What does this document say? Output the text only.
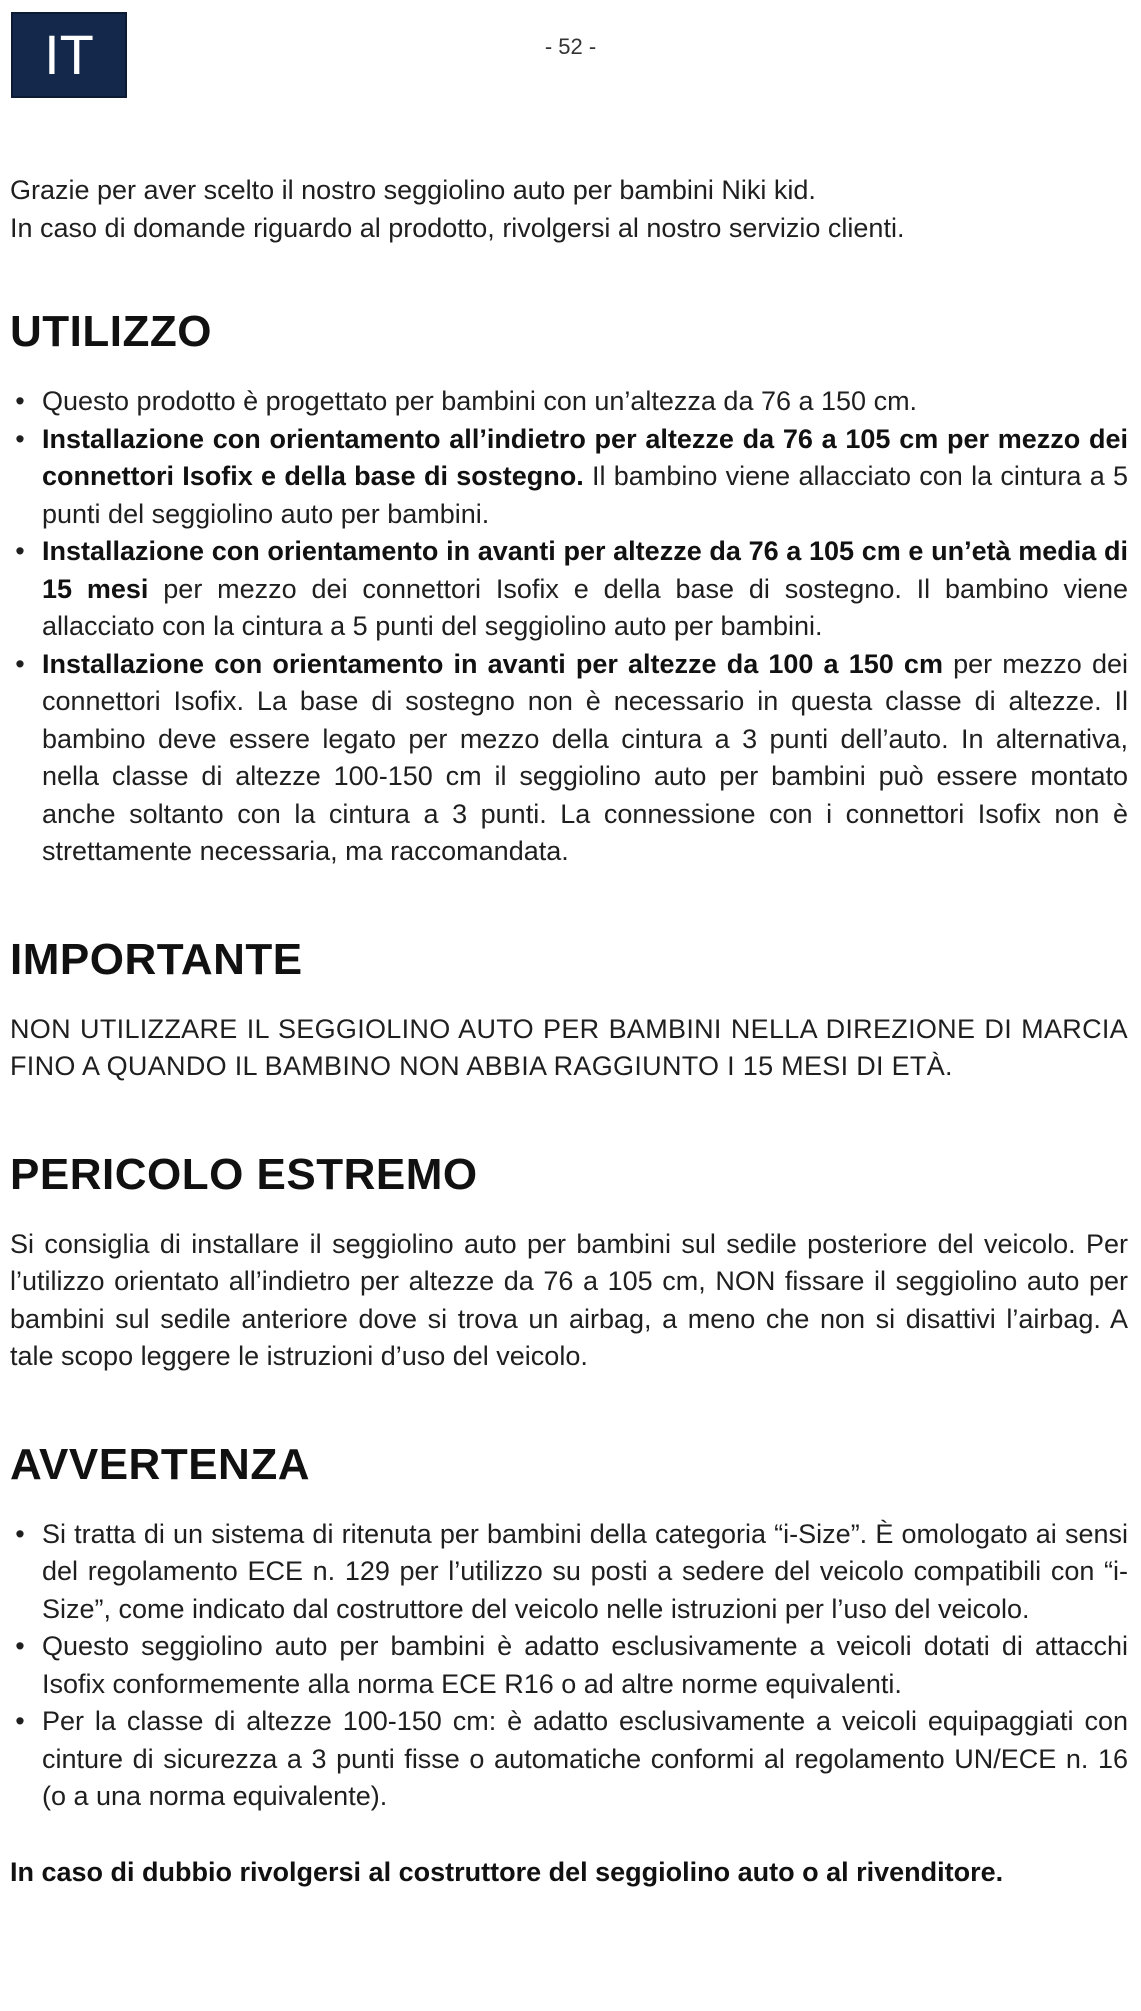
IT	- 52 -

Grazie per aver scelto il nostro seggiolino auto per bambini Niki kid.

In caso di domande riguardo al prodotto, rivolgersi al nostro servizio clienti.

UTILIZZO
• Questo prodotto è progettato per bambini con un’altezza da 76 a 150 cm.
• Installazione con orientamento all’indietro per altezze da 76 a 105 cm per mezzo dei connettori Isofix e della base di sostegno. Il bambino viene allacciato con la cintura a 5 punti del seggiolino auto per bambini.
• Installazione con orientamento in avanti per altezze da 76 a 105 cm e un’età media di 15 mesi per mezzo dei connettori Isofix e della base di sostegno. Il bambino viene allacciato con la cintura a 5 punti del seggiolino auto per bambini.
• Installazione con orientamento in avanti per altezze da 100 a 150 cm per mezzo dei connettori Isofix. La base di sostegno non è necessario in questa classe di altezze. Il bambino deve essere legato per mezzo della cintura a 3 punti dell’auto. In alternativa, nella classe di altezze 100-150 cm il seggiolino auto per bambini può essere montato anche soltanto con la cintura a 3 punti. La connessione con i connettori Isofix non è strettamente necessaria, ma raccomandata.
IMPORTANTE

NON UTILIZZARE IL SEGGIOLINO AUTO PER BAMBINI NELLA DIREZIONE DI MARCIA FINO A QUANDO IL BAMBINO NON ABBIA RAGGIUNTO I 15 MESI DI ETÀ.

PERICOLO ESTREMO

Si consiglia di installare il seggiolino auto per bambini sul sedile posteriore del veicolo. Per l’utilizzo orientato all’indietro per altezze da 76 a 105 cm, NON fissare il seggiolino auto per bambini sul sedile anteriore dove si trova un airbag, a meno che non si disattivi l’airbag. A tale scopo leggere le istruzioni d’uso del veicolo.

AVVERTENZA
• Si tratta di un sistema di ritenuta per bambini della categoria “i-Size”. È omologato ai sensi del regolamento ECE n. 129 per l’utilizzo su posti a sedere del veicolo compatibili con “i-Size”, come indicato dal costruttore del veicolo nelle istruzioni per l’uso del veicolo.
• Questo seggiolino auto per bambini è adatto esclusivamente a veicoli dotati di attacchi Isofix conformemente alla norma ECE R16 o ad altre norme equivalenti.
• Per la classe di altezze 100-150 cm: è adatto esclusivamente a veicoli equipaggiati con cinture di sicurezza a 3 punti fisse o automatiche conformi al regolamento UN/ECE n. 16 (o a una norma equivalente).
In caso di dubbio rivolgersi al costruttore del seggiolino auto o al rivenditore.
